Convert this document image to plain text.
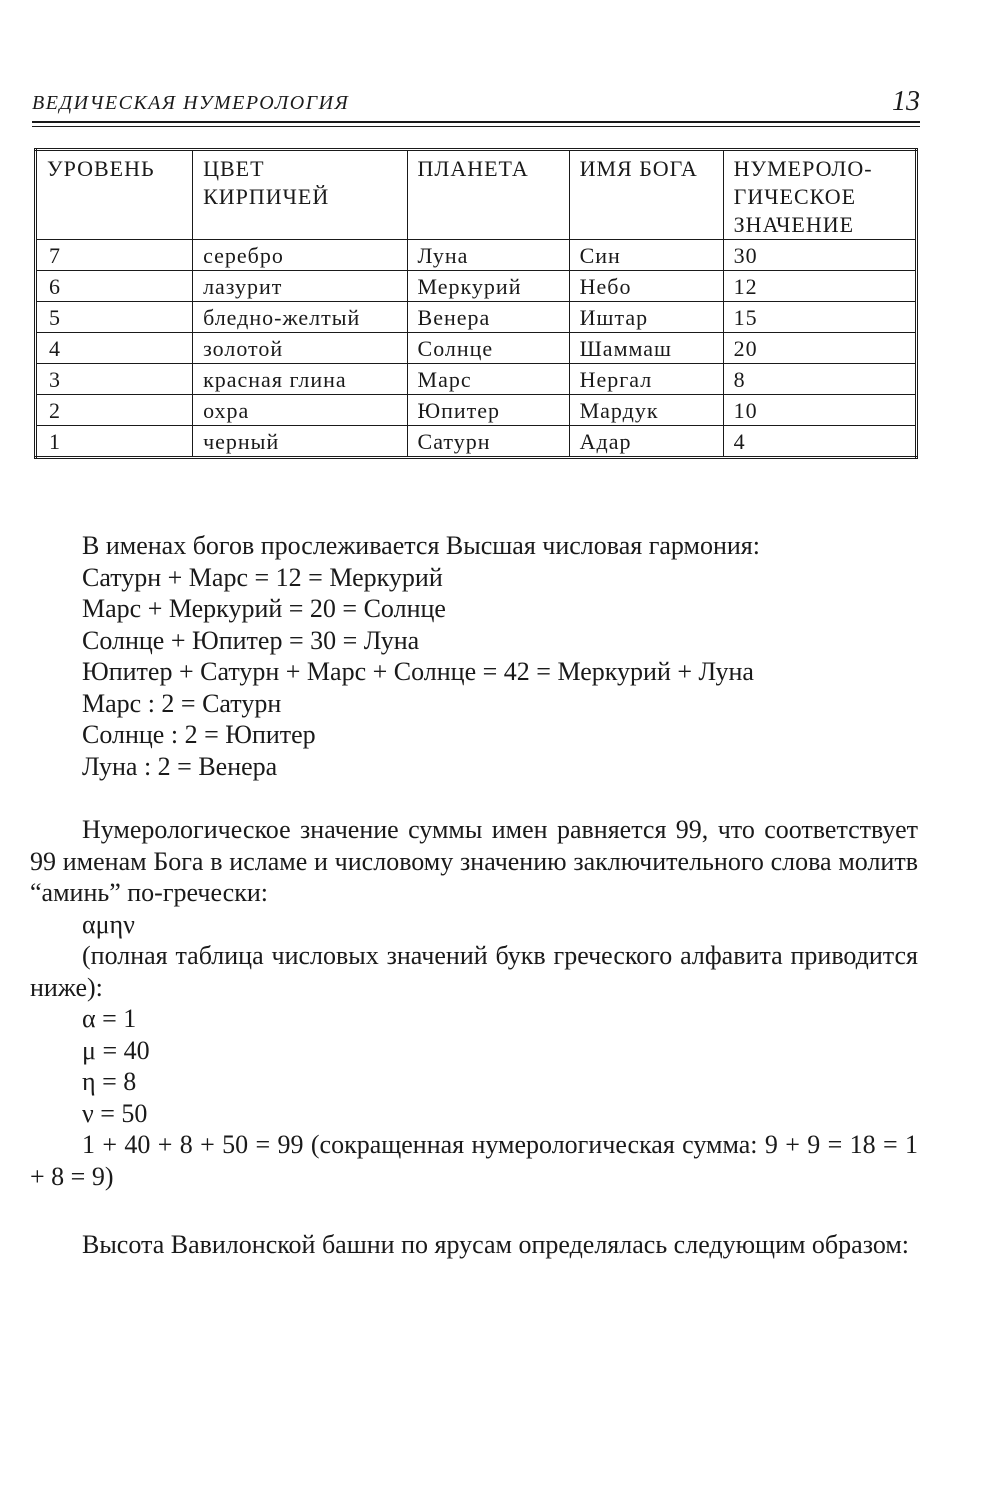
ВЕДИЧЕСКАЯ НУМЕРОЛОГИЯ	13
УРОВЕНЬ	ЦВЕТ КИРПИЧЕЙ	ПЛАНЕТА	ИМЯ БОГА	НУМЕРОЛО- ГИЧЕСКОЕ ЗНАЧЕНИЕ
7	серебро	Луна	Син	30
6	лазурит	Меркурий	Небо	12
5	бледно-желтый	Венера	Иштар	15
4	золотой	Солнце	Шаммаш	20
3	красная глина	Марс	Нергал	8
2	охра	Юпитер	Мардук	10
1	черный	Сатурн	Адар	4

В именах богов прослеживается Высшая числовая гармония:

Сатурн + Марс = 12 = Меркурий

Марс + Меркурий = 20 = Солнце

Солнце + Юпитер = 30 = Луна

Юпитер + Сатурн + Марс + Солнце = 42 = Меркурий + Луна

Марс : 2 = Сатурн

Солнце : 2 = Юпитер

Луна : 2 = Венера

Нумерологическое значение суммы имен равняется 99, что соответствует 99 именам Бога в исламе и числовому значению заключительного слова молитв “аминь” по-гречески:

αμην

(полная таблица числовых значений букв греческого алфавита приводится ниже):

α = 1

μ = 40

η = 8

ν = 50

1 + 40 + 8 + 50 = 99 (сокращенная нумерологическая сумма: 9 + 9 = 18 = 1 + 8 = 9)

Высота Вавилонской башни по ярусам определялась следующим образом:
